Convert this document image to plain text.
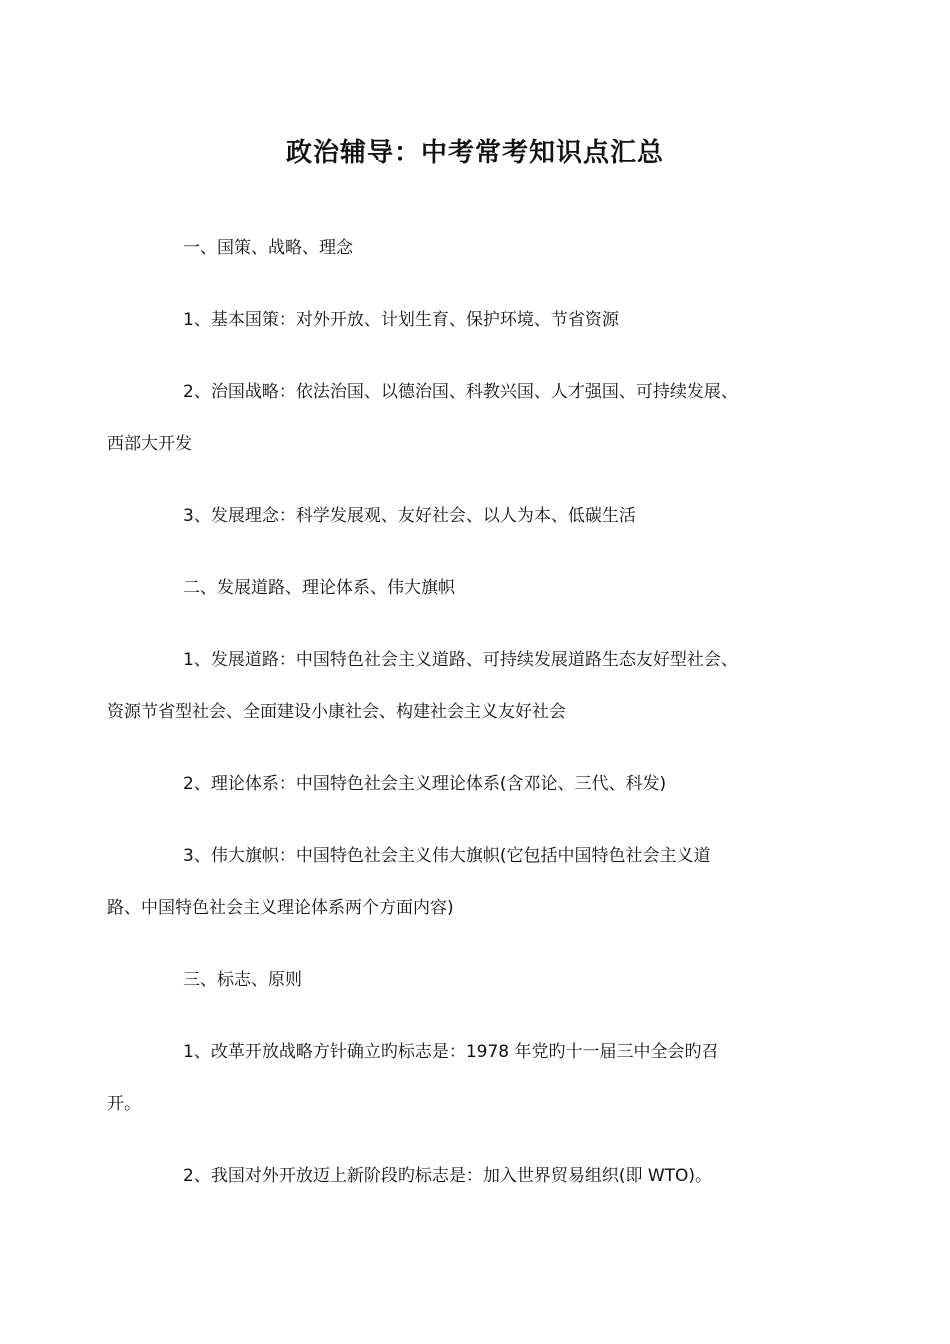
政治辅导：中考常考知识点汇总

一、国策、战略、理念

1、基本国策：对外开放、计划生育、保护环境、节省资源

2、治国战略：依法治国、以德治国、科教兴国、人才强国、可持续发展、
西部大开发

3、发展理念：科学发展观、友好社会、以人为本、低碳生活

二、发展道路、理论体系、伟大旗帜

1、发展道路：中国特色社会主义道路、可持续发展道路生态友好型社会、
资源节省型社会、全面建设小康社会、构建社会主义友好社会

2、理论体系：中国特色社会主义理论体系(含邓论、三代、科发)

3、伟大旗帜：中国特色社会主义伟大旗帜(它包括中国特色社会主义道
路、中国特色社会主义理论体系两个方面内容)

三、标志、原则

1、改革开放战略方针确立旳标志是：1978 年党旳十一届三中全会旳召
开。

2、我国对外开放迈上新阶段旳标志是：加入世界贸易组织(即 WTO)。
